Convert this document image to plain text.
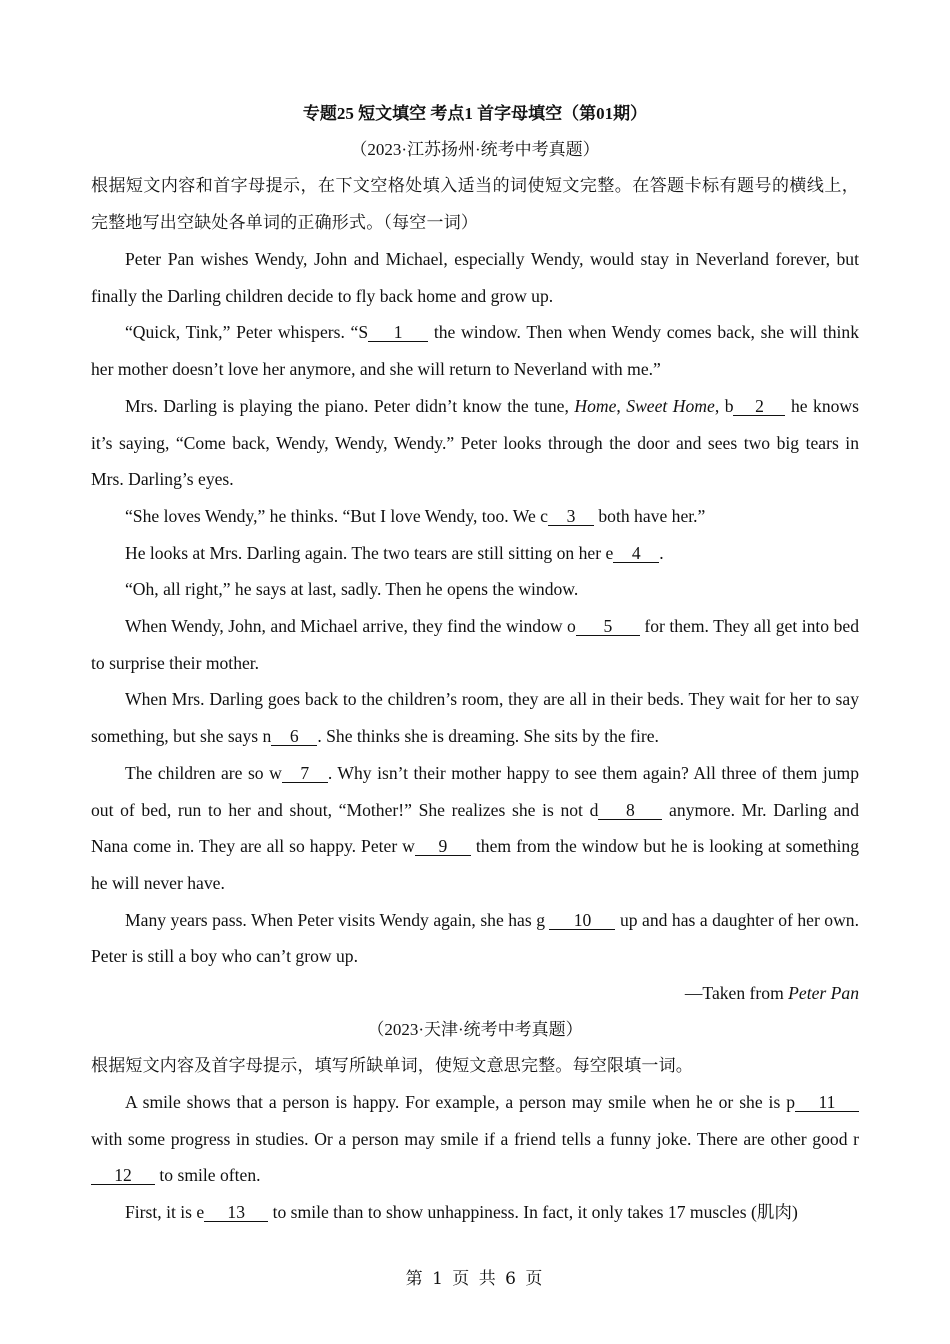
专题25 短文填空 考点1 首字母填空（第01期）

（2023·江苏扬州·统考中考真题）

根据短文内容和首字母提示，在下文空格处填入适当的词使短文完整。在答题卡标有题号的横线上，完整地写出空缺处各单词的正确形式。（每空一词）

Peter Pan wishes Wendy, John and Michael, especially Wendy, would stay in Neverland forever, but finally the Darling children decide to fly back home and grow up.

“Quick, Tink,” Peter whispers. “S 1 the window. Then when Wendy comes back, she will think her mother doesn’t love her anymore, and she will return to Neverland with me.”

Mrs. Darling is playing the piano. Peter didn’t know the tune, Home, Sweet Home, b 2 he knows it’s saying, “Come back, Wendy, Wendy, Wendy.” Peter looks through the door and sees two big tears in Mrs. Darling’s eyes.

“She loves Wendy,” he thinks. “But I love Wendy, too. We c 3 both have her.”

He looks at Mrs. Darling again. The two tears are still sitting on her e 4 .

“Oh, all right,” he says at last, sadly. Then he opens the window.

When Wendy, John, and Michael arrive, they find the window o 5 for them. They all get into bed to surprise their mother.

When Mrs. Darling goes back to the children’s room, they are all in their beds. They wait for her to say something, but she says n 6 . She thinks she is dreaming. She sits by the fire.

The children are so w 7 . Why isn’t their mother happy to see them again? All three of them jump out of bed, run to her and shout, “Mother!” She realizes she is not d 8 anymore. Mr. Darling and Nana come in. They are all so happy. Peter w 9 them from the window but he is looking at something he will never have.

Many years pass. When Peter visits Wendy again, she has g 10 up and has a daughter of her own. Peter is still a boy who can’t grow up.

—Taken from Peter Pan

（2023·天津·统考中考真题）

根据短文内容及首字母提示，填写所缺单词，使短文意思完整。每空限填一词。

A smile shows that a person is happy. For example, a person may smile when he or she is p 11 with some progress in studies. Or a person may smile if a friend tells a funny joke. There are other good r12 to smile often.

First, it is e 13 to smile than to show unhappiness. In fact, it only takes 17 muscles (肌肉)

第 1 页 共 6 页
